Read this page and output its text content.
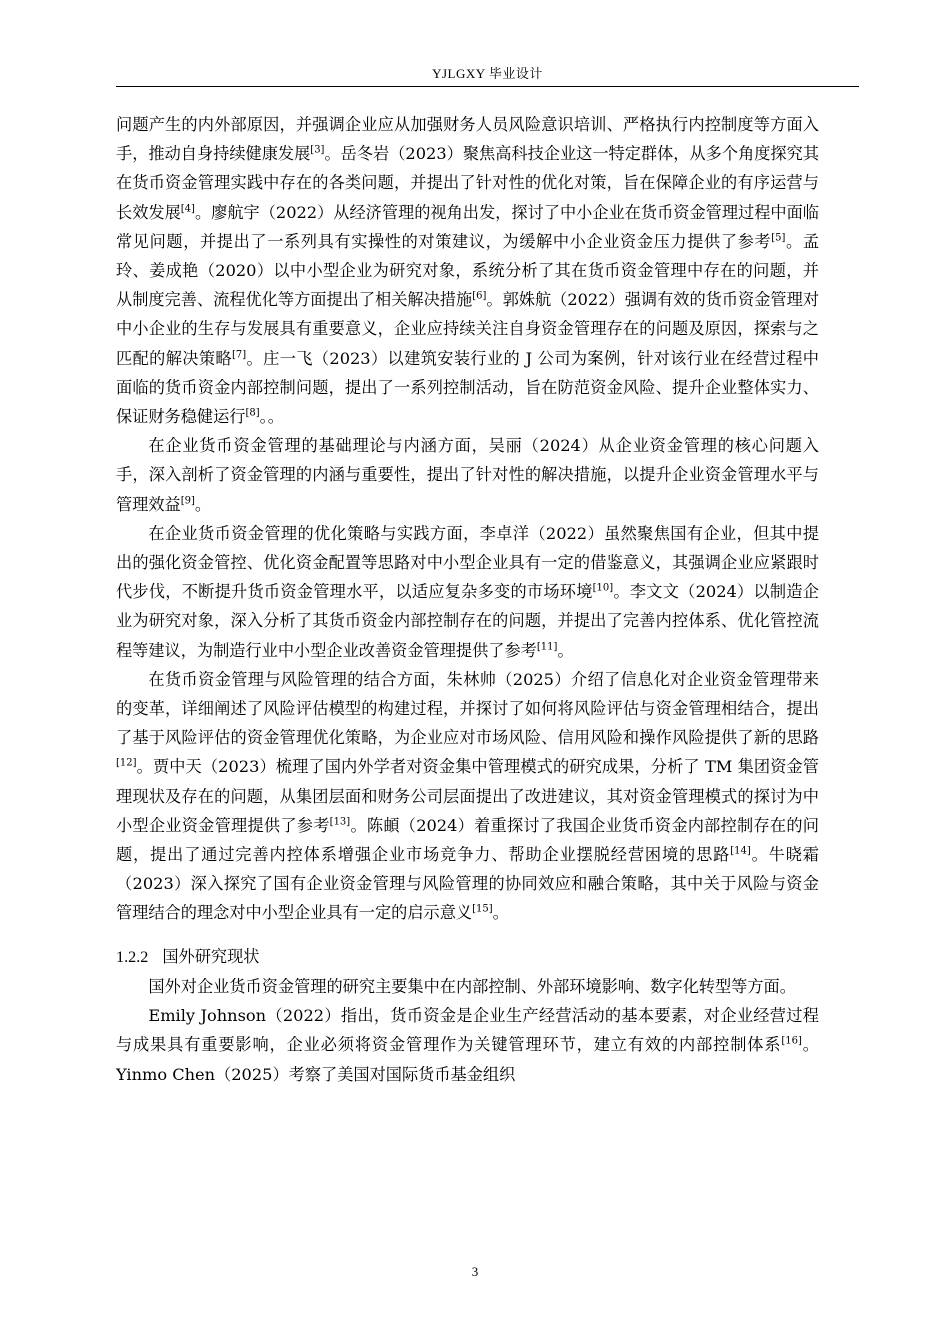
YJLGXY 毕业设计

问题产生的内外部原因，并强调企业应从加强财务人员风险意识培训、严格执行内控制度等方面入手，推动自身持续健康发展[3]。岳冬岩（2023）聚焦高科技企业这一特定群体，从多个角度探究其在货币资金管理实践中存在的各类问题，并提出了针对性的优化对策，旨在保障企业的有序运营与长效发展[4]。廖航宇（2022）从经济管理的视角出发，探讨了中小企业在货币资金管理过程中面临常见问题，并提出了一系列具有实操性的对策建议，为缓解中小企业资金压力提供了参考[5]。孟玲、姜成艳（2020）以中小型企业为研究对象，系统分析了其在货币资金管理中存在的问题，并从制度完善、流程优化等方面提出了相关解决措施[6]。郭姝航（2022）强调有效的货币资金管理对中小企业的生存与发展具有重要意义，企业应持续关注自身资金管理存在的问题及原因，探索与之匹配的解决策略[7]。庄一飞（2023）以建筑安装行业的 J 公司为案例，针对该行业在经营过程中面临的货币资金内部控制问题，提出了一系列控制活动，旨在防范资金风险、提升企业整体实力、保证财务稳健运行[8]。。

在企业货币资金管理的基础理论与内涵方面，吴丽（2024）从企业资金管理的核心问题入手，深入剖析了资金管理的内涵与重要性，提出了针对性的解决措施，以提升企业资金管理水平与管理效益[9]。

在企业货币资金管理的优化策略与实践方面，李卓洋（2022）虽然聚焦国有企业，但其中提出的强化资金管控、优化资金配置等思路对中小型企业具有一定的借鉴意义，其强调企业应紧跟时代步伐，不断提升货币资金管理水平，以适应复杂多变的市场环境[10]。李文文（2024）以制造企业为研究对象，深入分析了其货币资金内部控制存在的问题，并提出了完善内控体系、优化管控流程等建议，为制造行业中小型企业改善资金管理提供了参考[11]。

在货币资金管理与风险管理的结合方面，朱林帅（2025）介绍了信息化对企业资金管理带来的变革，详细阐述了风险评估模型的构建过程，并探讨了如何将风险评估与资金管理相结合，提出了基于风险评估的资金管理优化策略，为企业应对市场风险、信用风险和操作风险提供了新的思路[12]。贾中天（2023）梳理了国内外学者对资金集中管理模式的研究成果，分析了 TM 集团资金管理现状及存在的问题，从集团层面和财务公司层面提出了改进建议，其对资金管理模式的探讨为中小型企业资金管理提供了参考[13]。陈頔（2024）着重探讨了我国企业货币资金内部控制存在的问题，提出了通过完善内控体系增强企业市场竞争力、帮助企业摆脱经营困境的思路[14]。牛晓霜（2023）深入探究了国有企业资金管理与风险管理的协同效应和融合策略，其中关于风险与资金管理结合的理念对中小型企业具有一定的启示意义[15]。

1.2.2 国外研究现状

国外对企业货币资金管理的研究主要集中在内部控制、外部环境影响、数字化转型等方面。

Emily Johnson（2022）指出，货币资金是企业生产经营活动的基本要素，对企业经营过程与成果具有重要影响，企业必须将资金管理作为关键管理环节，建立有效的内部控制体系[16]。Yinmo Chen（2025）考察了美国对国际货币基金组织

3
